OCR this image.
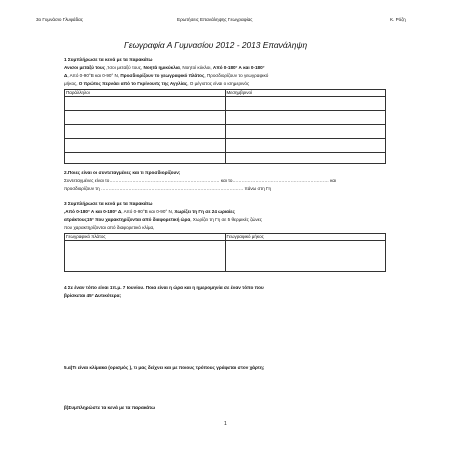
3ο Γυμνάσιο Γλυφάδας	Ερωτήσεις Επανάληψης Γεωγραφίας	Κ. Ρόζη
Γεωγραφία Α Γυμνασίου 2012 - 2013 Επανάληψη
1 Συμπλήρωσε τα κενά με τα παρακάτω
Ανισοι μεταξύ τους ,Ίσοι μεταξύ τους, Νοητά ημικύκλια, Νοητοί κύκλοι, Από 0-180° Α και 0-180°
Δ, Από 0-90°Β και 0-90° Ν, Προσδιορίζουν το γεωγραφικό πλάτος, Προσδιορίζουν το γεωγραφικό
μήκος, Ο πρώτος περνάει από το Γκρίνουιτς της Αγγλίας, Ο μέγιστος είναι ο ισημερινός
Παράλληλοι	Μεσημβρινοί

2.Ποιες είναι οι συντεταγμένες και τι προσδιορίζουν;
Συντεταγμένες είναι το……………………………………………………………… και το……………………………………………………… και
προσδιορίζουν τη ………………………………………………………………………………… πάνω στη Γη
3 Συμπλήρωσε τα κενά με τα παρακάτω
,Από 0-180° Α και 0-180° Δ, Από 0-90°Β και 0-90° Ν, Χωρίζει τη Γη σε 24 ωριαίες
ατράκτους15° που χαρακτηρίζονται από διαφορετική ώρα, Χωρίζει τη Γη σε 5 θερμικές ζώνες
που χαρακτηρίζονται από διαφορετικό κλίμα,
Γεωγραφικό πλάτος	Γεωγραφικό μήκος

4 Σε έναν τόπο είναι 1π.μ. 7 Ιουνίου. Ποια είναι η ώρα και η ημερομηνία σε έναν τόπο που
βρίσκεται 45° Δυτικότερα;
5.α)Τι είναι κλίμακα (ορισμός ), τι μας δείχνει και με ποιους τρόπους γράφεται στον χάρτη;
β)Συμπληρώστε τα κενά με τα παρακάτω
1
